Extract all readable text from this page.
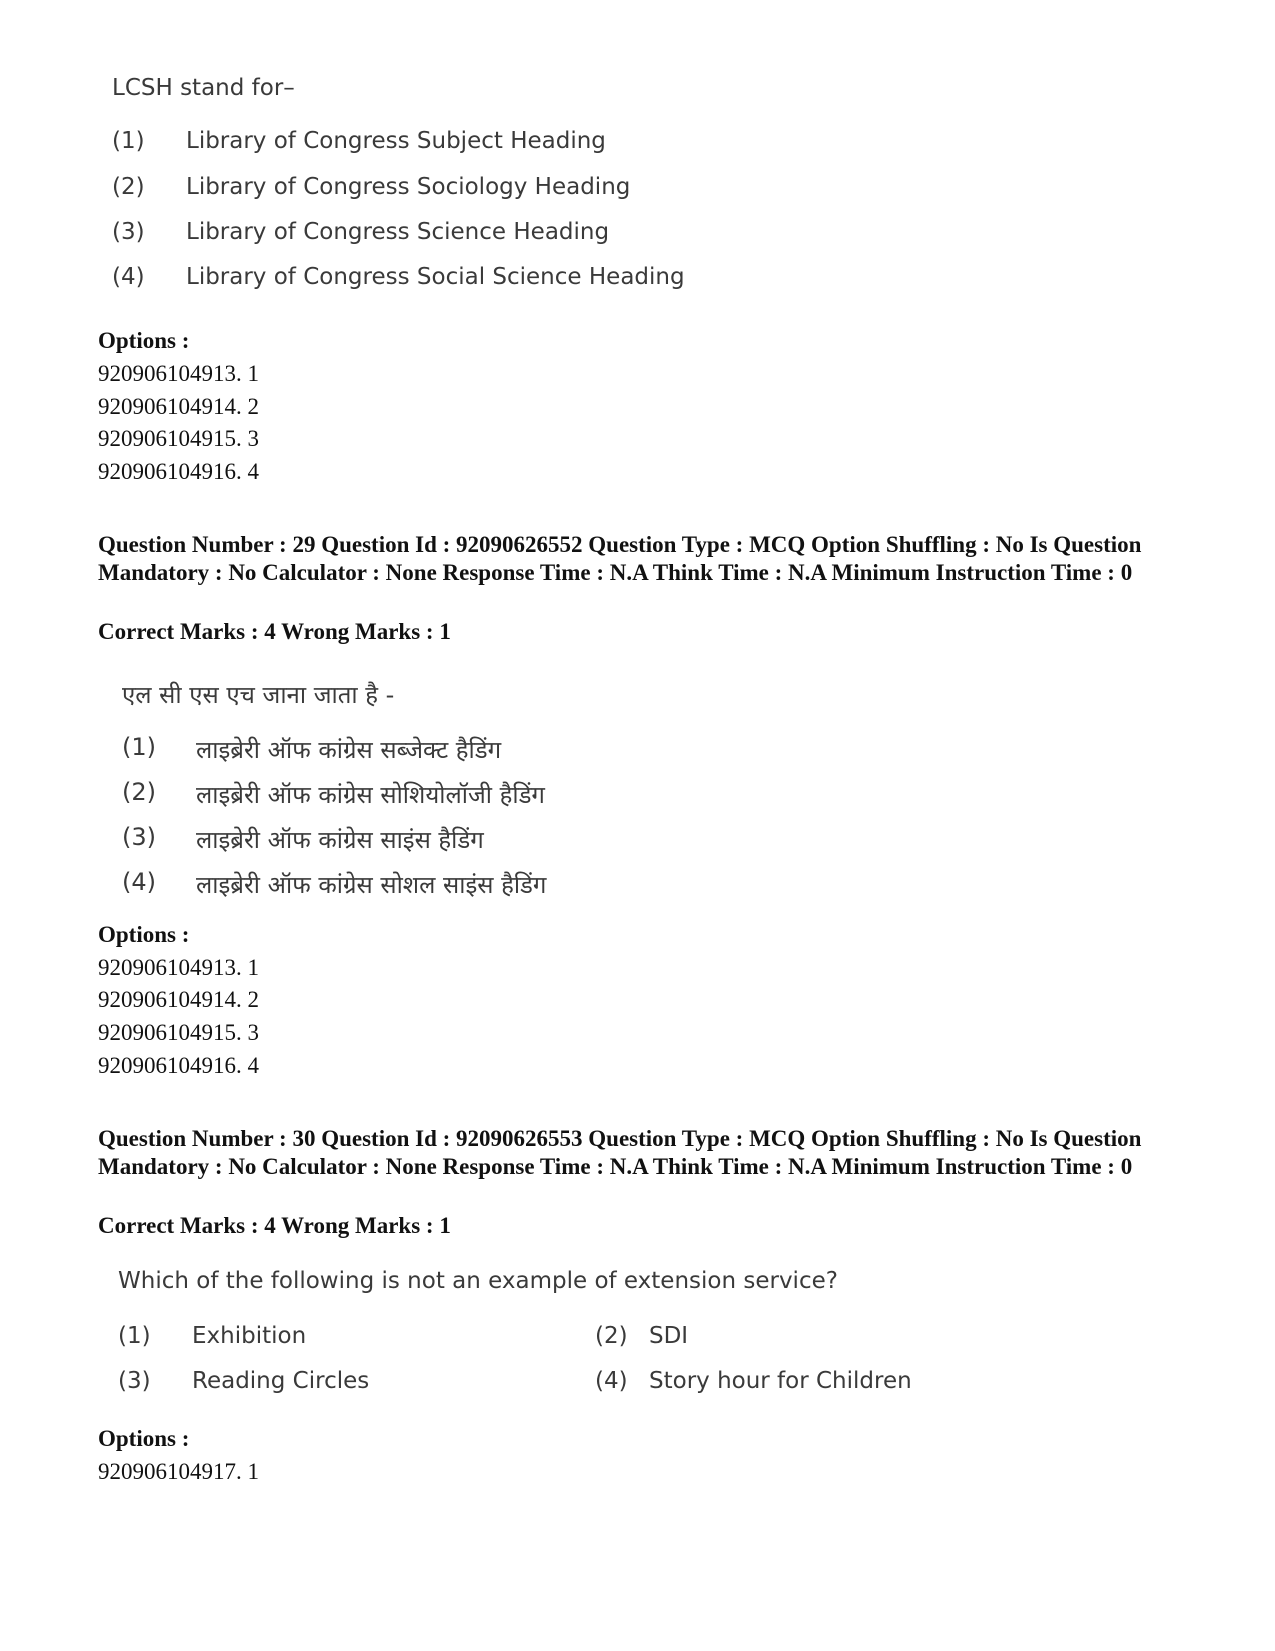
LCSH stand for–
(1) Library of Congress Subject Heading
(2) Library of Congress Sociology Heading
(3) Library of Congress Science Heading
(4) Library of Congress Social Science Heading
Options :
920906104913. 1
920906104914. 2
920906104915. 3
920906104916. 4
Question Number : 29 Question Id : 92090626552 Question Type : MCQ Option Shuffling : No Is Question Mandatory : No Calculator : None Response Time : N.A Think Time : N.A Minimum Instruction Time : 0
Correct Marks : 4 Wrong Marks : 1
एल सी एस एच जाना जाता है -
(1) लाइब्रेरी ऑफ कांग्रेस सब्जेक्ट हैडिंग
(2) लाइब्रेरी ऑफ कांग्रेस सोशियोलॉजी हैडिंग
(3) लाइब्रेरी ऑफ कांग्रेस साइंस हैडिंग
(4) लाइब्रेरी ऑफ कांग्रेस सोशल साइंस हैडिंग
Options :
920906104913. 1
920906104914. 2
920906104915. 3
920906104916. 4
Question Number : 30 Question Id : 92090626553 Question Type : MCQ Option Shuffling : No Is Question Mandatory : No Calculator : None Response Time : N.A Think Time : N.A Minimum Instruction Time : 0
Correct Marks : 4 Wrong Marks : 1
Which of the following is not an example of extension service?
(1) Exhibition	(2) SDI
(3) Reading Circles	(4) Story hour for Children
Options :
920906104917. 1
